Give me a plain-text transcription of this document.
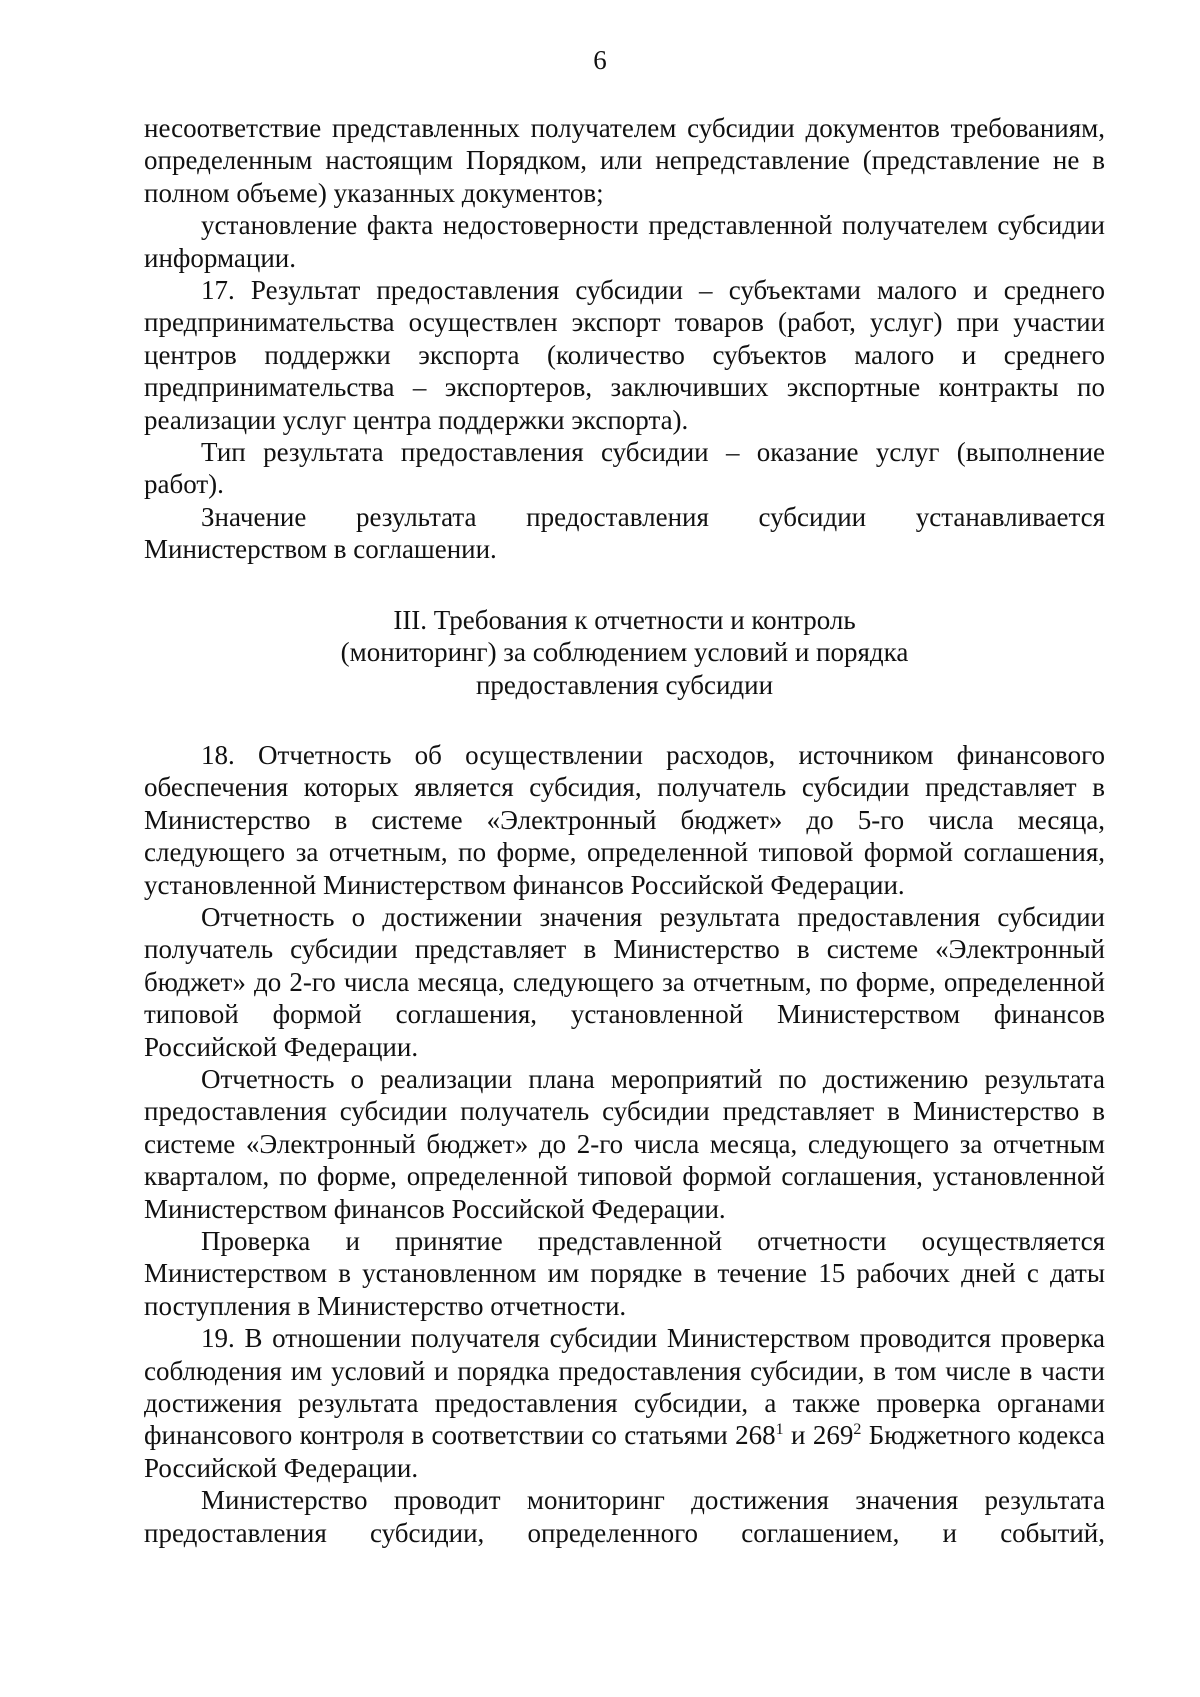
6

несоответствие представленных получателем субсидии документов требованиям, определенным настоящим Порядком, или непредставление (представление не в полном объеме) указанных документов;

установление факта недостоверности представленной получателем субсидии информации.

17. Результат предоставления субсидии – субъектами малого и среднего предпринимательства осуществлен экспорт товаров (работ, услуг) при участии центров поддержки экспорта (количество субъектов малого и среднего предпринимательства – экспортеров, заключивших экспортные контракты по реализации услуг центра поддержки экспорта).

Тип результата предоставления субсидии – оказание услуг (выполнение работ).

Значение результата предоставления субсидии устанавливается Министерством в соглашении.

III. Требования к отчетности и контроль
(мониторинг) за соблюдением условий и порядка
предоставления субсидии

18. Отчетность об осуществлении расходов, источником финансового обеспечения которых является субсидия, получатель субсидии представляет в Министерство в системе «Электронный бюджет» до 5-го числа месяца, следующего за отчетным, по форме, определенной типовой формой соглашения, установленной Министерством финансов Российской Федерации.

Отчетность о достижении значения результата предоставления субсидии получатель субсидии представляет в Министерство в системе «Электронный бюджет» до 2-го числа месяца, следующего за отчетным, по форме, определенной типовой формой соглашения, установленной Министерством финансов Российской Федерации.

Отчетность о реализации плана мероприятий по достижению результата предоставления субсидии получатель субсидии представляет в Министерство в системе «Электронный бюджет» до 2-го числа месяца, следующего за отчетным кварталом, по форме, определенной типовой формой соглашения, установленной Министерством финансов Российской Федерации.

Проверка и принятие представленной отчетности осуществляется Министерством в установленном им порядке в течение 15 рабочих дней с даты поступления в Министерство отчетности.

19. В отношении получателя субсидии Министерством проводится проверка соблюдения им условий и порядка предоставления субсидии, в том числе в части достижения результата предоставления субсидии, а также проверка органами финансового контроля в соответствии со статьями $268^1$ и $269^2$ Бюджетного кодекса Российской Федерации.

Министерство проводит мониторинг достижения значения результата предоставления субсидии, определенного соглашением, и событий,
